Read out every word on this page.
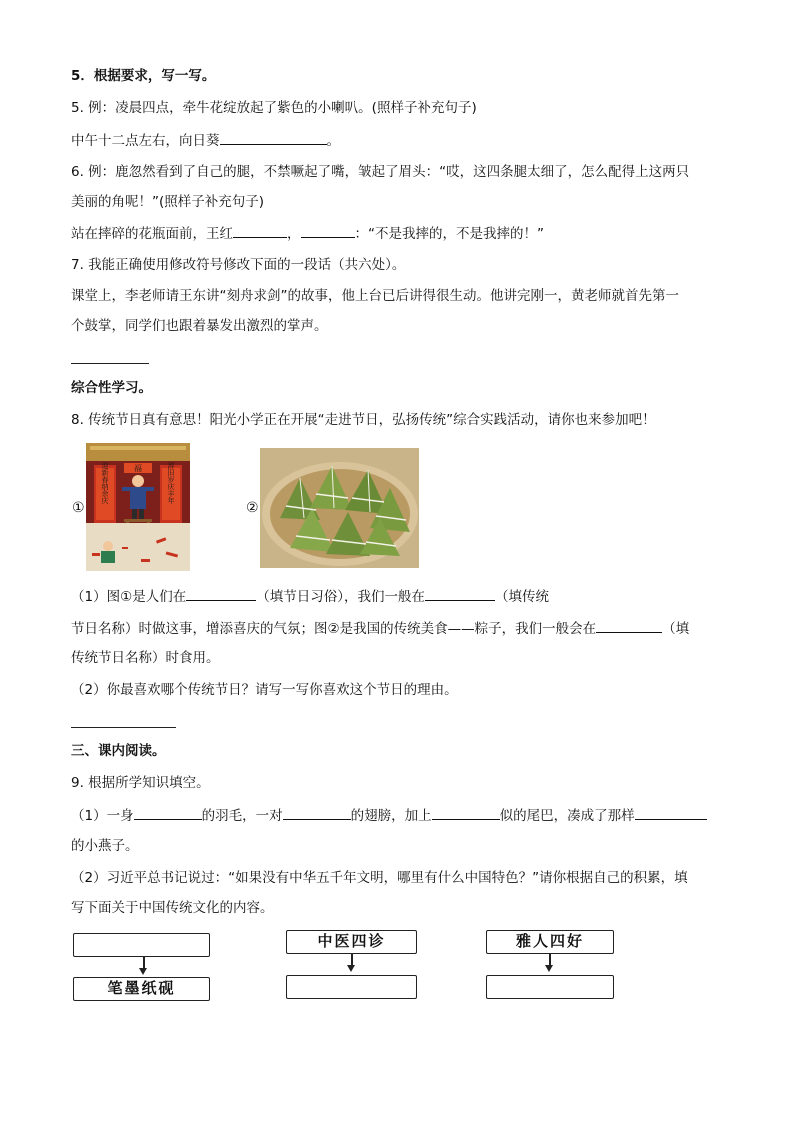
5．根据要求，写一写。
5. 例：凌晨四点，牵牛花绽放起了紫色的小喇叭。(照样子补充句子)
中午十二点左右，向日葵	。
6. 例：鹿忽然看到了自己的腿，不禁噘起了嘴，皱起了眉头：“哎，这四条腿太细了，怎么配得上这两只
美丽的角呢！”(照样子补充句子)
站在摔碎的花瓶面前，王红	，	：“不是我摔的，不是我摔的！”
7. 我能正确使用修改符号修改下面的一段话（共六处）。
课堂上，李老师请王东讲“刻舟求剑”的故事，他上台已后讲得很生动。他讲完刚一，黄老师就首先第一
个鼓掌，同学们也跟着暴发出激烈的掌声。
综合性学习。
8. 传统节日真有意思！阳光小学正在开展“走进节日，弘扬传统”综合实践活动，请你也来参加吧！
①
迎新春纳余庆	辞旧岁庆丰年
福
②
（1）图①是人们在	（填节日习俗），我们一般在	（填传统
节日名称）时做这事，增添喜庆的气氛；图②是我国的传统美食——粽子，我们一般会在	（填
传统节日名称）时食用。
（2）你最喜欢哪个传统节日？请写一写你喜欢这个节日的理由。
三、课内阅读。
9. 根据所学知识填空。
（1）一身	的羽毛，一对	的翅膀，加上	似的尾巴，凑成了那样
的小燕子。
（2）习近平总书记说过：“如果没有中华五千年文明，哪里有什么中国特色？”请你根据自己的积累，填
写下面关于中国传统文化的内容。
笔墨纸砚
中医四诊	雅人四好
